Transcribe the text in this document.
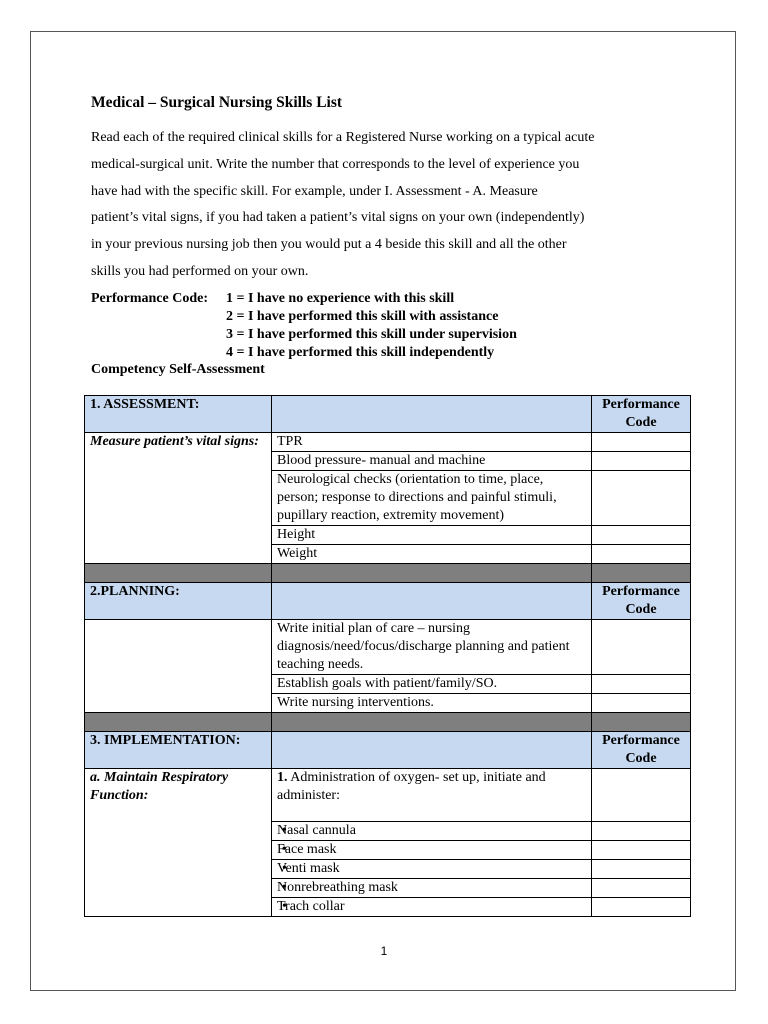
Medical – Surgical Nursing Skills List
Read each of the required clinical skills for a Registered Nurse working on a typical acute
medical-surgical unit. Write the number that corresponds to the level of experience you
have had with the specific skill. For example, under I. Assessment - A. Measure
patient’s vital signs, if you had taken a patient’s vital signs on your own (independently)
in your previous nursing job then you would put a 4 beside this skill and all the other
skills you had performed on your own.
Performance Code: 1 = I have no experience with this skill
2 = I have performed this skill with assistance
3 = I have performed this skill under supervision
4 = I have performed this skill independently
Competency Self-Assessment
1. ASSESSMENT:		Performance Code
Measure patient’s vital signs:	TPR	
	Blood pressure- manual and machine	
	Neurological checks (orientation to time, place, person; response to directions and painful stimuli, pupillary reaction, extremity movement)	
	Height	
	Weight	

2.PLANNING:		Performance Code
	Write initial plan of care – nursing diagnosis/need/focus/discharge planning and patient teaching needs.	
	Establish goals with patient/family/SO.	
	Write nursing interventions.	

3. IMPLEMENTATION:		Performance Code
a. Maintain Respiratory Function:	1. Administration of oxygen- set up, initiate and administer:	
	• Nasal cannula	
	• Face mask	
	• Venti mask	
	• Nonrebreathing mask	
	• Trach collar	
1
